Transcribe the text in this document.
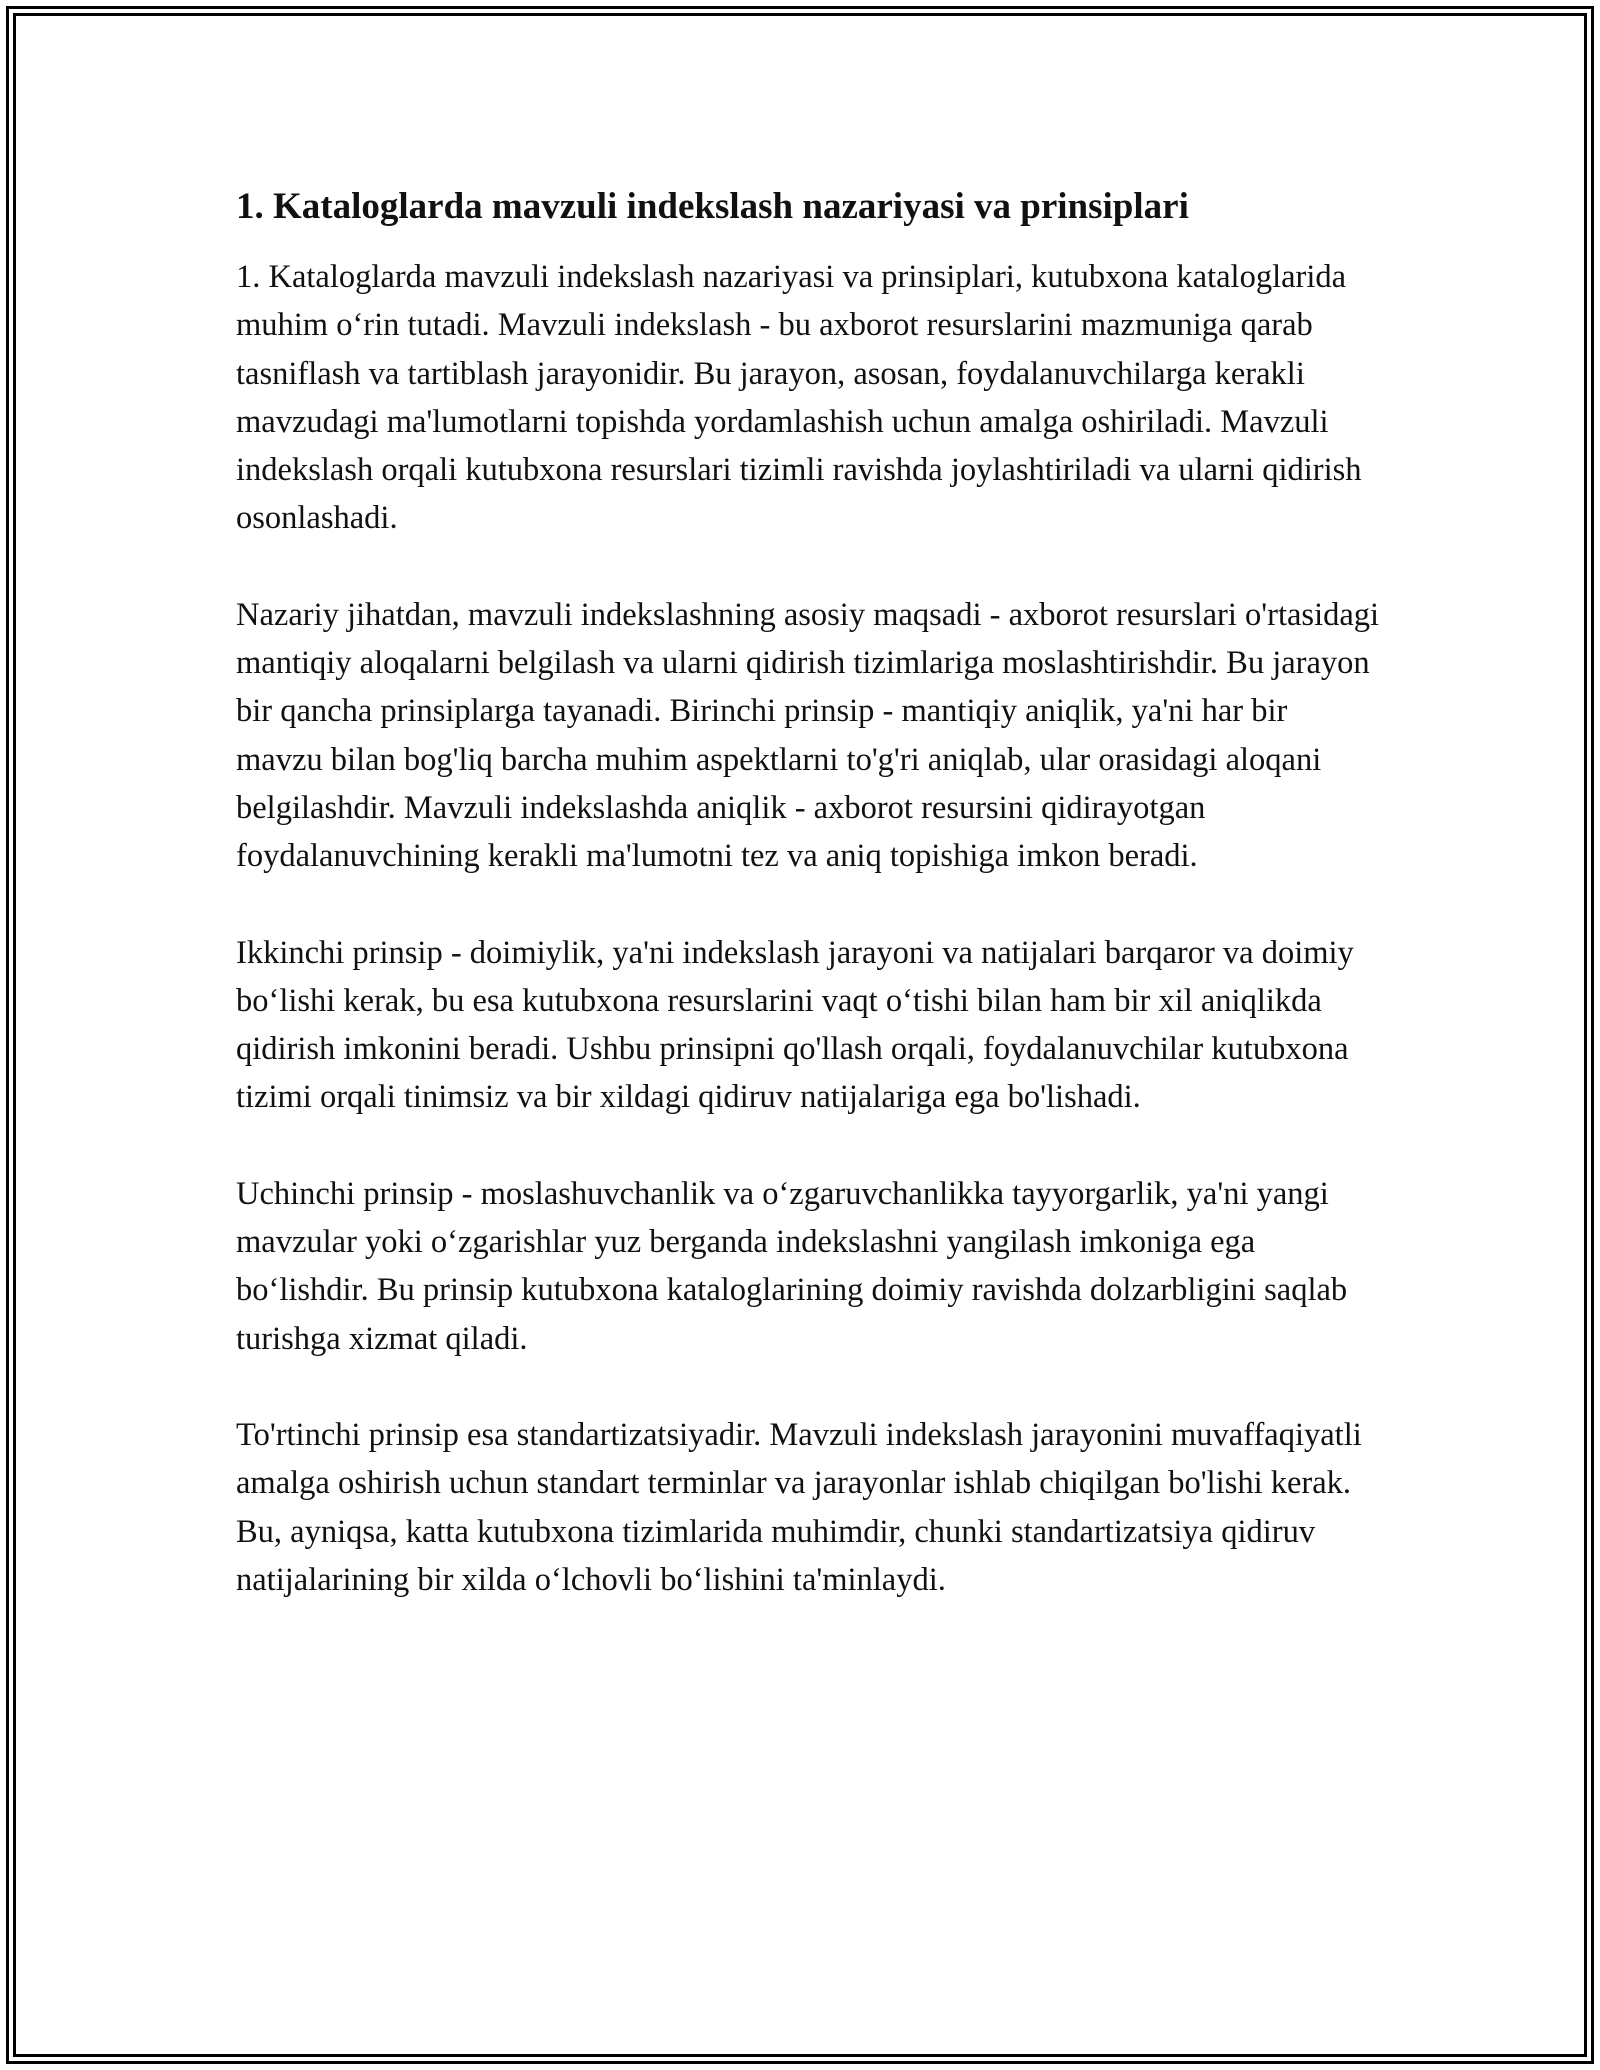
1. Kataloglarda mavzuli indekslash nazariyasi va prinsiplari

1. Kataloglarda mavzuli indekslash nazariyasi va prinsiplari, kutubxona kataloglarida muhim o‘rin tutadi. Mavzuli indekslash - bu axborot resurslarini mazmuniga qarab tasniflash va tartiblash jarayonidir. Bu jarayon, asosan, foydalanuvchilarga kerakli mavzudagi ma'lumotlarni topishda yordamlashish uchun amalga oshiriladi. Mavzuli indekslash orqali kutubxona resurslari tizimli ravishda joylashtiriladi va ularni qidirish osonlashadi.

Nazariy jihatdan, mavzuli indekslashning asosiy maqsadi - axborot resurslari o'rtasidagi mantiqiy aloqalarni belgilash va ularni qidirish tizimlariga moslashtirishdir. Bu jarayon bir qancha prinsiplarga tayanadi. Birinchi prinsip - mantiqiy aniqlik, ya'ni har bir mavzu bilan bog'liq barcha muhim aspektlarni to'g'ri aniqlab, ular orasidagi aloqani belgilashdir. Mavzuli indekslashda aniqlik - axborot resursini qidirayotgan foydalanuvchining kerakli ma'lumotni tez va aniq topishiga imkon beradi.

Ikkinchi prinsip - doimiylik, ya'ni indekslash jarayoni va natijalari barqaror va doimiy bo‘lishi kerak, bu esa kutubxona resurslarini vaqt o‘tishi bilan ham bir xil aniqlikda qidirish imkonini beradi. Ushbu prinsipni qo'llash orqali, foydalanuvchilar kutubxona tizimi orqali tinimsiz va bir xildagi qidiruv natijalariga ega bo'lishadi.

Uchinchi prinsip - moslashuvchanlik va o‘zgaruvchanlikka tayyorgarlik, ya'ni yangi mavzular yoki o‘zgarishlar yuz berganda indekslashni yangilash imkoniga ega bo‘lishdir. Bu prinsip kutubxona kataloglarining doimiy ravishda dolzarbligini saqlab turishga xizmat qiladi.

To'rtinchi prinsip esa standartizatsiyadir. Mavzuli indekslash jarayonini muvaffaqiyatli amalga oshirish uchun standart terminlar va jarayonlar ishlab chiqilgan bo'lishi kerak. Bu, ayniqsa, katta kutubxona tizimlarida muhimdir, chunki standartizatsiya qidiruv natijalarining bir xilda o‘lchovli bo‘lishini ta'minlaydi.
